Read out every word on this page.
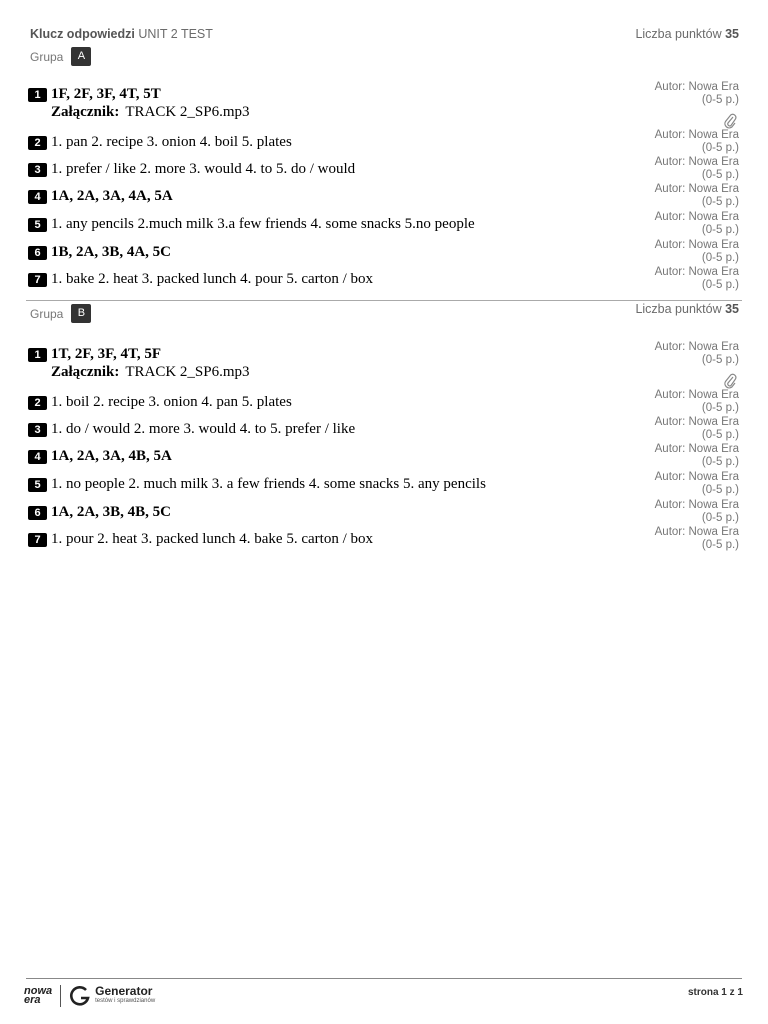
Klucz odpowiedzi UNIT 2 TEST	Liczba punktów 35
Grupa	A
1 1F, 2F, 3F, 4T, 5T
Załącznik: TRACK 2_SP6.mp3
Autor: Nowa Era
(0-5 p.)
2 1. pan 2. recipe 3. onion 4. boil 5. plates	Autor: Nowa Era
(0-5 p.)
3 1. prefer / like 2. more 3. would 4. to 5. do / would	Autor: Nowa Era
(0-5 p.)
4 1A, 2A, 3A, 4A, 5A	Autor: Nowa Era
(0-5 p.)
5 1. any pencils 2.much milk 3.a few friends 4. some snacks 5.no people	Autor: Nowa Era
(0-5 p.)
6 1B, 2A, 3B, 4A, 5C	Autor: Nowa Era
(0-5 p.)
7 1. bake 2. heat 3. packed lunch 4. pour 5. carton / box	Autor: Nowa Era
(0-5 p.)
Grupa	B	Liczba punktów 35
1 1T, 2F, 3F, 4T, 5F
Załącznik: TRACK 2_SP6.mp3
Autor: Nowa Era
(0-5 p.)
2 1. boil 2. recipe 3. onion 4. pan 5. plates	Autor: Nowa Era
(0-5 p.)
3 1. do / would 2. more 3. would 4. to 5. prefer / like	Autor: Nowa Era
(0-5 p.)
4 1A, 2A, 3A, 4B, 5A	Autor: Nowa Era
(0-5 p.)
5 1. no people 2. much milk 3. a few friends 4. some snacks 5. any pencils	Autor: Nowa Era
(0-5 p.)
6 1A, 2A, 3B, 4B, 5C	Autor: Nowa Era
(0-5 p.)
7 1. pour 2. heat 3. packed lunch 4. bake 5. carton / box	Autor: Nowa Era
(0-5 p.)
nowa
era
Generator
testów i sprawdzianów
strona 1 z 1
